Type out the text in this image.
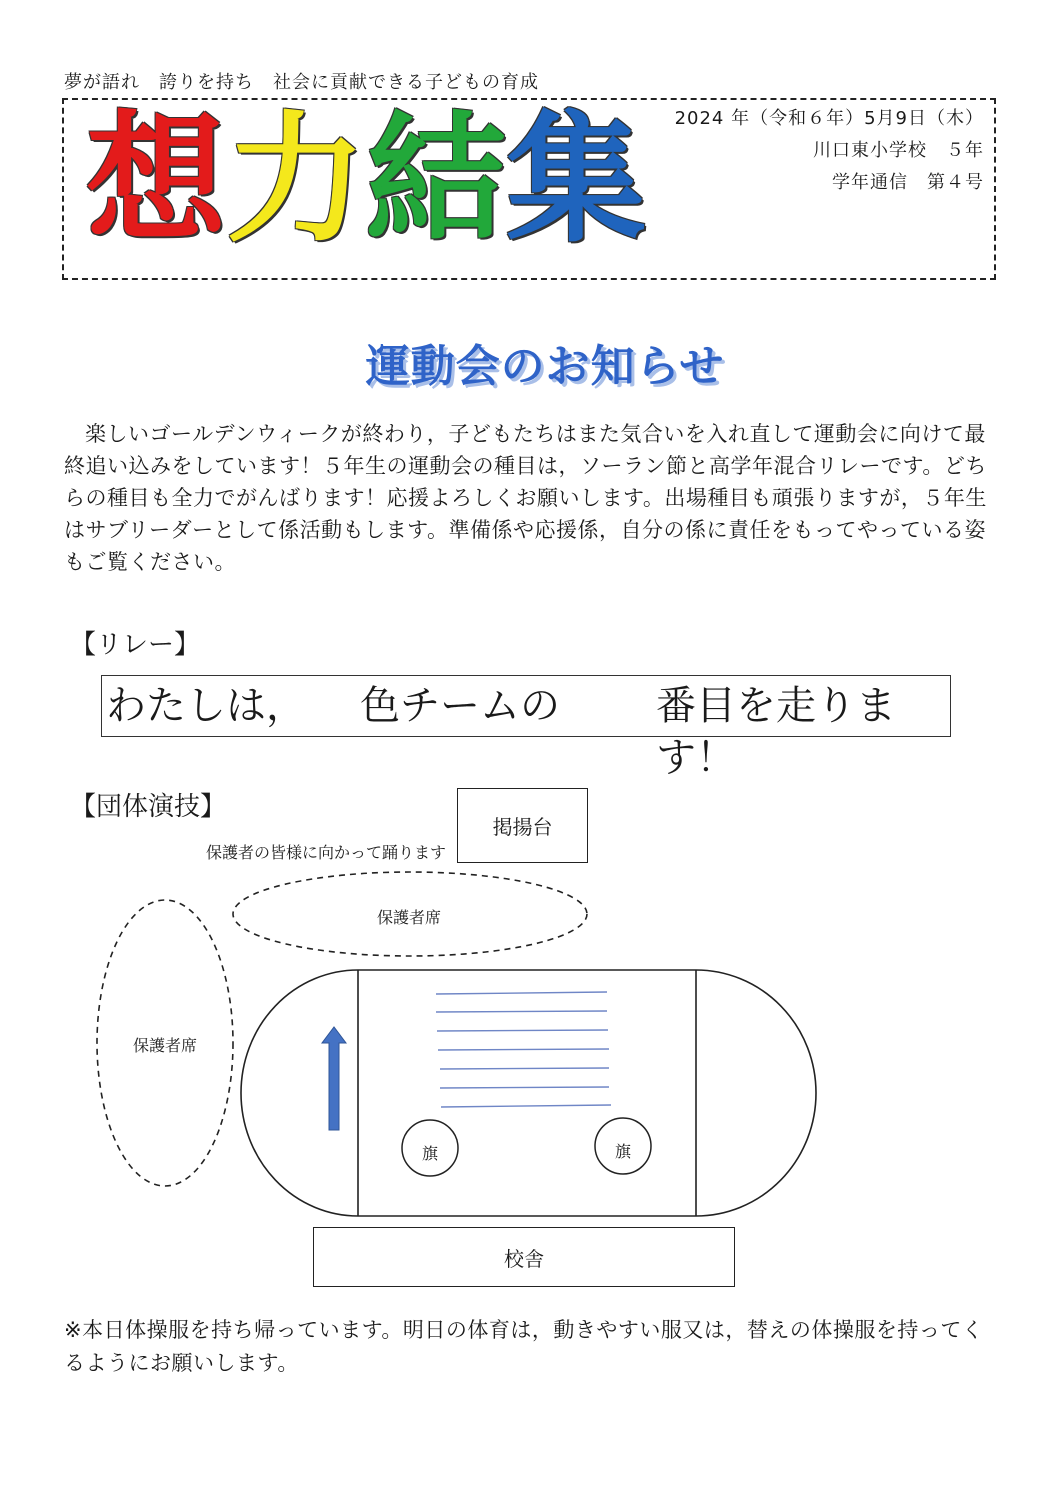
夢が語れ　誇りを持ち　社会に貢献できる子どもの育成
想 力 結 集 2024 年（令和６年）5月9日（木）
川口東小学校　５年
学年通信　第４号
運動会のお知らせ
楽しいゴールデンウィークが終わり，子どもたちはまた気合いを入れ直して運動会に向けて最終追い込みをしています！５年生の運動会の種目は，ソーラン節と高学年混合リレーです。どちらの種目も全力でがんばります！応援よろしくお願いします。出場種目も頑張りますが，５年生はサブリーダーとして係活動もします。準備係や応援係，自分の係に責任をもってやっている姿もご覧ください。
【リレー】
わたしは， 色チームの 番目を走ります！
【団体演技】
掲揚台
保護者の皆様に向かって踊ります
保護者席
保護者席
旗	旗
校舎
※本日体操服を持ち帰っています。明日の体育は，動きやすい服又は，替えの体操服を持ってくるようにお願いします。
